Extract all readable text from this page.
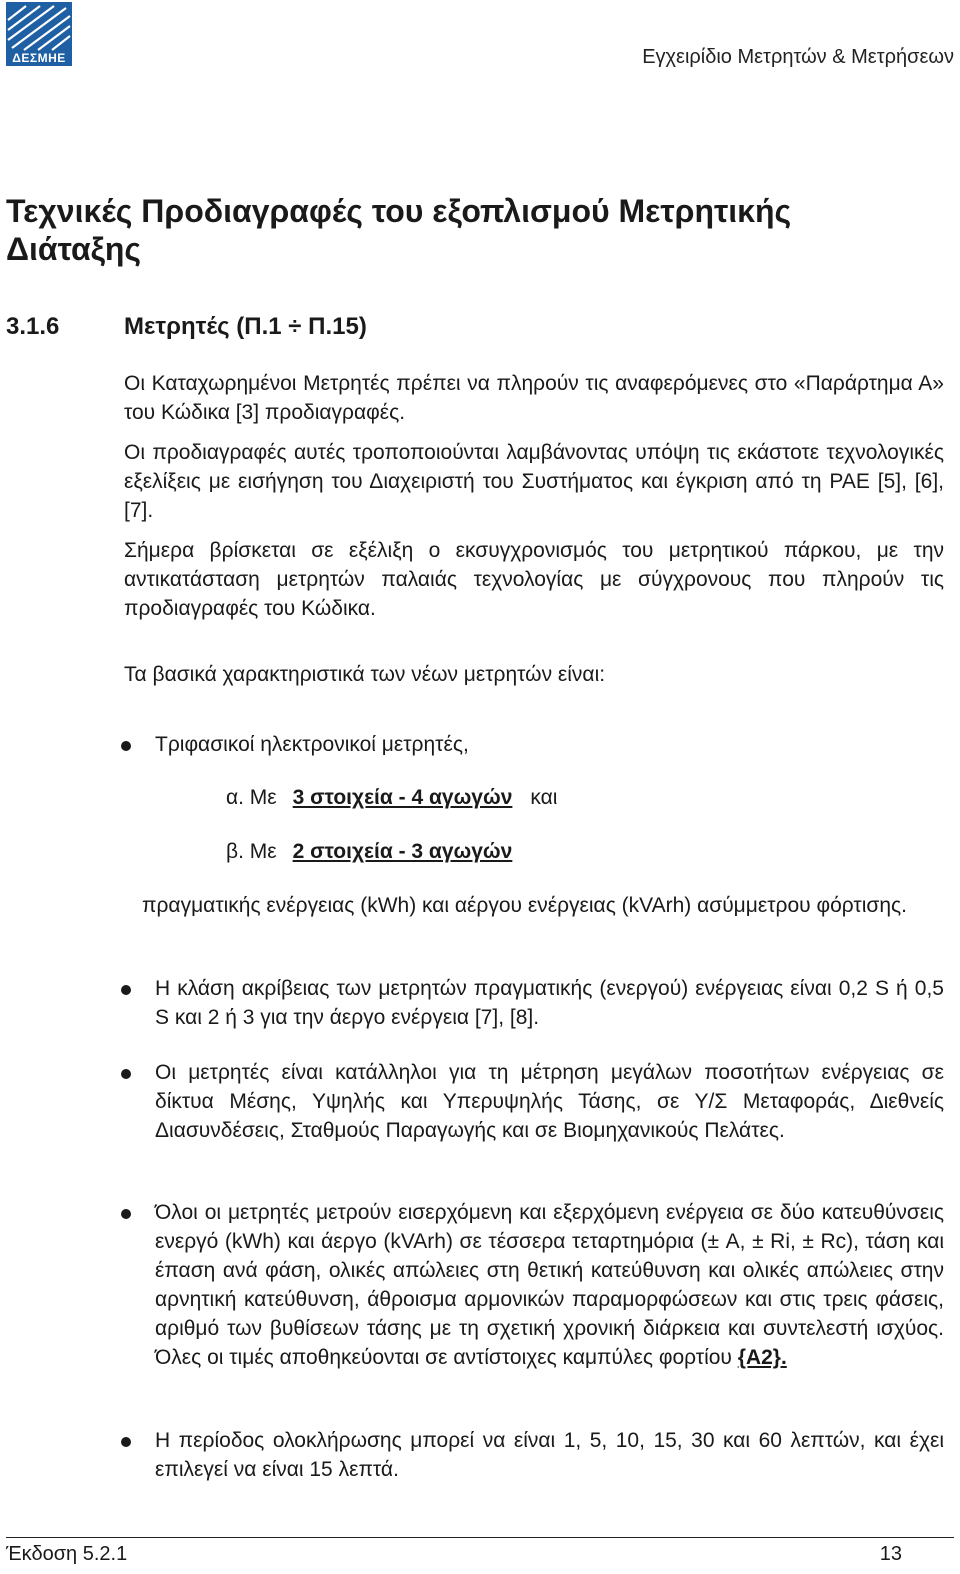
ΔΕΣΜΗΕ	Εγχειρίδιο Μετρητών & Μετρήσεων
Τεχνικές Προδιαγραφές του εξοπλισμού Μετρητικής Διάταξης
3.1.6	Μετρητές (Π.1 ÷ Π.15)

Οι Καταχωρημένοι Μετρητές πρέπει να πληρούν τις αναφερόμενες στο «Παράρτημα Α» του Κώδικα [3] προδιαγραφές.

Οι προδιαγραφές αυτές τροποποιούνται λαμβάνοντας υπόψη τις εκάστοτε τεχνολογικές εξελίξεις με εισήγηση του Διαχειριστή του Συστήματος και έγκριση από τη ΡΑΕ [5], [6], [7].

Σήμερα βρίσκεται σε εξέλιξη ο εκσυγχρονισμός του μετρητικού πάρκου, με την αντικατάσταση μετρητών παλαιάς τεχνολογίας με σύγχρονους που πληρούν τις προδιαγραφές του Κώδικα.

Τα βασικά χαρακτηριστικά των νέων μετρητών είναι:

Τριφασικοί ηλεκτρονικοί μετρητές,

α. Με 3 στοιχεία - 4 αγωγών και
β. Με 2 στοιχεία - 3 αγωγών

πραγματικής ενέργειας (kWh) και αέργου ενέργειας (kVArh) ασύμμετρου φόρτισης.

Η κλάση ακρίβειας των μετρητών πραγματικής (ενεργού) ενέργειας είναι 0,2 S ή 0,5 S και 2 ή 3 για την άεργο ενέργεια [7], [8].

Οι μετρητές είναι κατάλληλοι για τη μέτρηση μεγάλων ποσοτήτων ενέργειας σε δίκτυα Μέσης, Υψηλής και Υπερυψηλής Τάσης, σε Υ/Σ Μεταφοράς, Διεθνείς Διασυνδέσεις, Σταθμούς Παραγωγής και σε Βιομηχανικούς Πελάτες.

Όλοι οι μετρητές μετρούν εισερχόμενη και εξερχόμενη ενέργεια σε δύο κατευθύνσεις ενεργό (kWh) και άεργο (kVArh) σε τέσσερα τεταρτημόρια (± A, ± Ri, ± Rc), τάση και έπαση ανά φάση, ολικές απώλειες στη θετική κατεύθυνση και ολικές απώλειες στην αρνητική κατεύθυνση, άθροισμα αρμονικών παραμορφώσεων και στις τρεις φάσεις, αριθμό των βυθίσεων τάσης με τη σχετική χρονική διάρκεια και συντελεστή ισχύος. Όλες οι τιμές αποθηκεύονται σε αντίστοιχες καμπύλες φορτίου {A2}.

Η περίοδος ολοκλήρωσης μπορεί να είναι 1, 5, 10, 15, 30 και 60 λεπτών, και έχει επιλεγεί να είναι 15 λεπτά.

Έκδοση 5.2.1	13
